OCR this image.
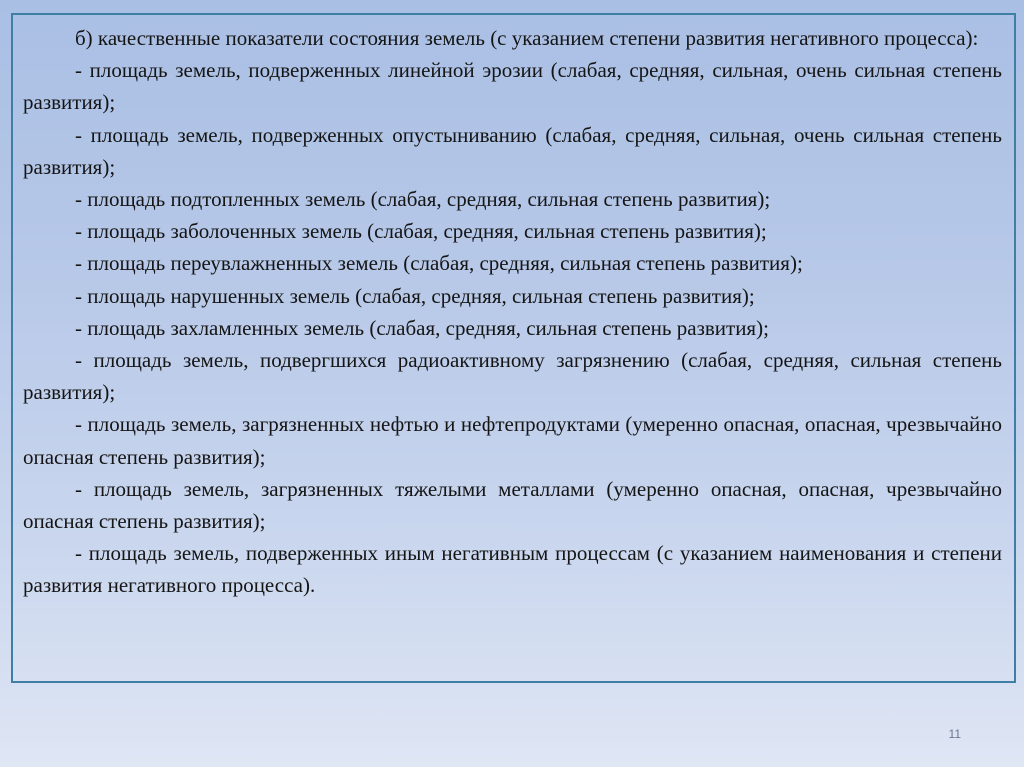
б) качественные показатели состояния земель (с указанием степени развития негативного процесса):

- площадь земель, подверженных линейной эрозии (слабая, средняя, сильная, очень сильная степень развития);

- площадь земель, подверженных опустыниванию (слабая, средняя, сильная, очень сильная степень развития);

- площадь подтопленных земель (слабая, средняя, сильная степень развития);

- площадь заболоченных земель (слабая, средняя, сильная степень развития);

- площадь переувлажненных земель (слабая, средняя, сильная степень развития);

- площадь нарушенных земель (слабая, средняя, сильная степень развития);

- площадь захламленных земель (слабая, средняя, сильная степень развития);

- площадь земель, подвергшихся радиоактивному загрязнению (слабая, средняя, сильная степень развития);

- площадь земель, загрязненных нефтью и нефтепродуктами (умеренно опасная, опасная, чрезвычайно опасная степень развития);

- площадь земель, загрязненных тяжелыми металлами (умеренно опасная, опасная, чрезвычайно опасная степень развития);

- площадь земель, подверженных иным негативным процессам (с указанием наименования и степени развития негативного процесса).

11
